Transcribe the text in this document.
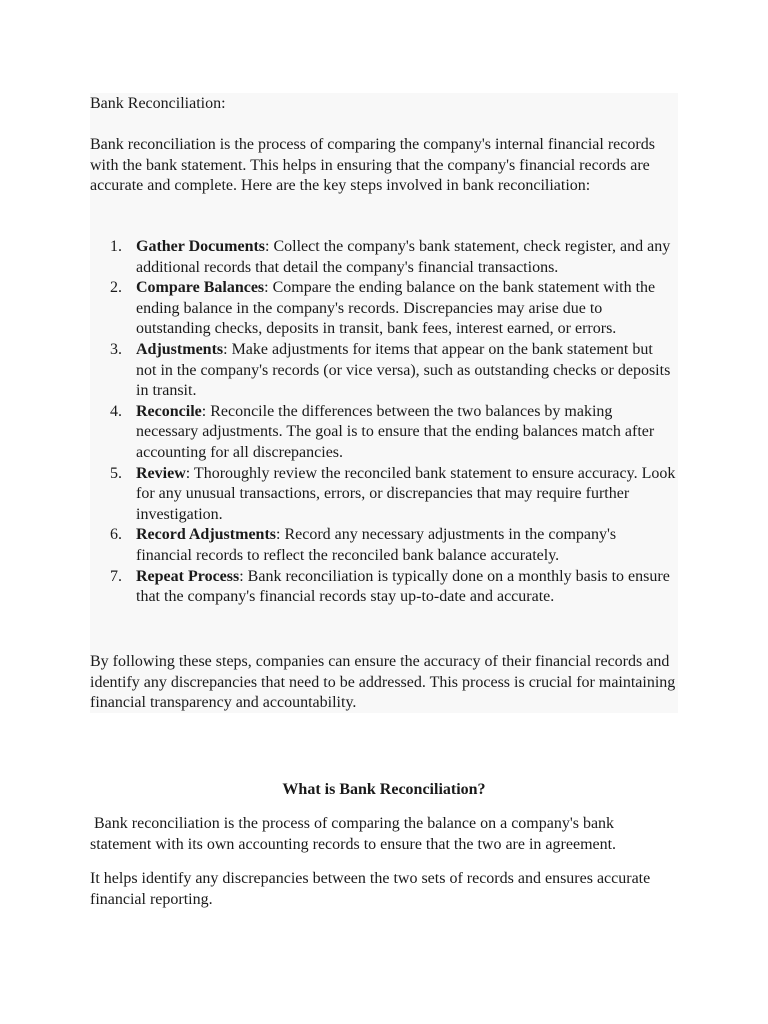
Bank Reconciliation:

Bank reconciliation is the process of comparing the company's internal financial records with the bank statement. This helps in ensuring that the company's financial records are accurate and complete. Here are the key steps involved in bank reconciliation:

1. Gather Documents: Collect the company's bank statement, check register, and any additional records that detail the company's financial transactions.
2. Compare Balances: Compare the ending balance on the bank statement with the ending balance in the company's records. Discrepancies may arise due to outstanding checks, deposits in transit, bank fees, interest earned, or errors.
3. Adjustments: Make adjustments for items that appear on the bank statement but not in the company's records (or vice versa), such as outstanding checks or deposits in transit.
4. Reconcile: Reconcile the differences between the two balances by making necessary adjustments. The goal is to ensure that the ending balances match after accounting for all discrepancies.
5. Review: Thoroughly review the reconciled bank statement to ensure accuracy. Look for any unusual transactions, errors, or discrepancies that may require further investigation.
6. Record Adjustments: Record any necessary adjustments in the company's financial records to reflect the reconciled bank balance accurately.
7. Repeat Process: Bank reconciliation is typically done on a monthly basis to ensure that the company's financial records stay up-to-date and accurate.

By following these steps, companies can ensure the accuracy of their financial records and identify any discrepancies that need to be addressed. This process is crucial for maintaining financial transparency and accountability.

What is Bank Reconciliation?

Bank reconciliation is the process of comparing the balance on a company's bank statement with its own accounting records to ensure that the two are in agreement.

It helps identify any discrepancies between the two sets of records and ensures accurate financial reporting.
